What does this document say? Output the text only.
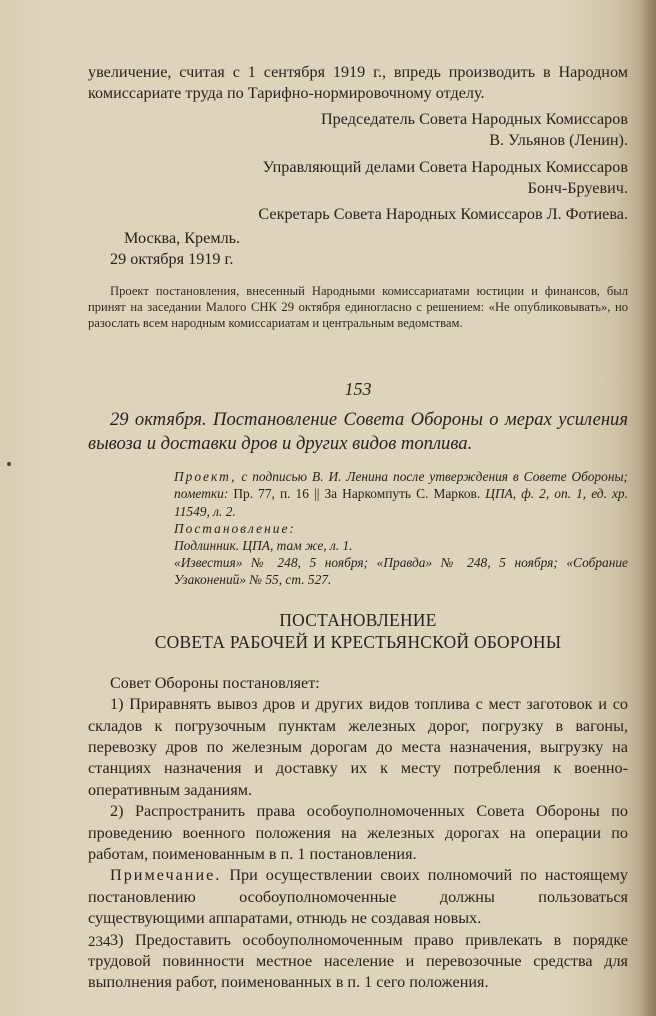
увеличение, считая с 1 сентября 1919 г., впредь производить в Народном комиссариате труда по Тарифно-нормировочному отделу.

Председатель Совета Народных Комиссаров

В. Ульянов (Ленин).

Управляющий делами Совета Народных Комиссаров

Бонч-Бруевич.

Секретарь Совета Народных Комиссаров Л. Фотиева.

Москва, Кремль.

29 октября 1919 г.

Проект постановления, внесенный Народными комиссариатами юстиции и финансов, был принят на заседании Малого СНК 29 октября единогласно с решением: «Не опубликовывать», но разослать всем народным комиссариатам и центральным ведомствам.

153

29 октября. Постановление Совета Обороны о мерах усиления вывоза и доставки дров и других видов топлива.

Проект, с подписью В. И. Ленина после утверждения в Совете Обороны; пометки: Пр. 77, п. 16 || За Наркомпуть С. Марков. ЦПА, ф. 2, оп. 1, ед. хр. 11549, л. 2.

Постановление:

Подлинник. ЦПА, там же, л. 1.

«Известия» № 248, 5 ноября; «Правда» № 248, 5 ноября; «Собрание Узаконений» № 55, ст. 527.

ПОСТАНОВЛЕНИЕ

СОВЕТА РАБОЧЕЙ И КРЕСТЬЯНСКОЙ ОБОРОНЫ

Совет Обороны постановляет:

1) Приравнять вывоз дров и других видов топлива с мест заготовок и со складов к погрузочным пунктам железных дорог, погрузку в вагоны, перевозку дров по железным дорогам до места назначения, выгрузку на станциях назначения и доставку их к месту потребления к военно-оперативным заданиям.

2) Распространить права особоуполномоченных Совета Обороны по проведению военного положения на железных дорогах на операции по работам, поименованным в п. 1 постановления.

Примечание. При осуществлении своих полномочий по настоящему постановлению особоуполномоченные должны пользоваться существующими аппаратами, отнюдь не создавая новых.

3) Предоставить особоуполномоченным право привлекать в порядке трудовой повинности местное население и перевозочные средства для выполнения работ, поименованных в п. 1 сего положения.

234
